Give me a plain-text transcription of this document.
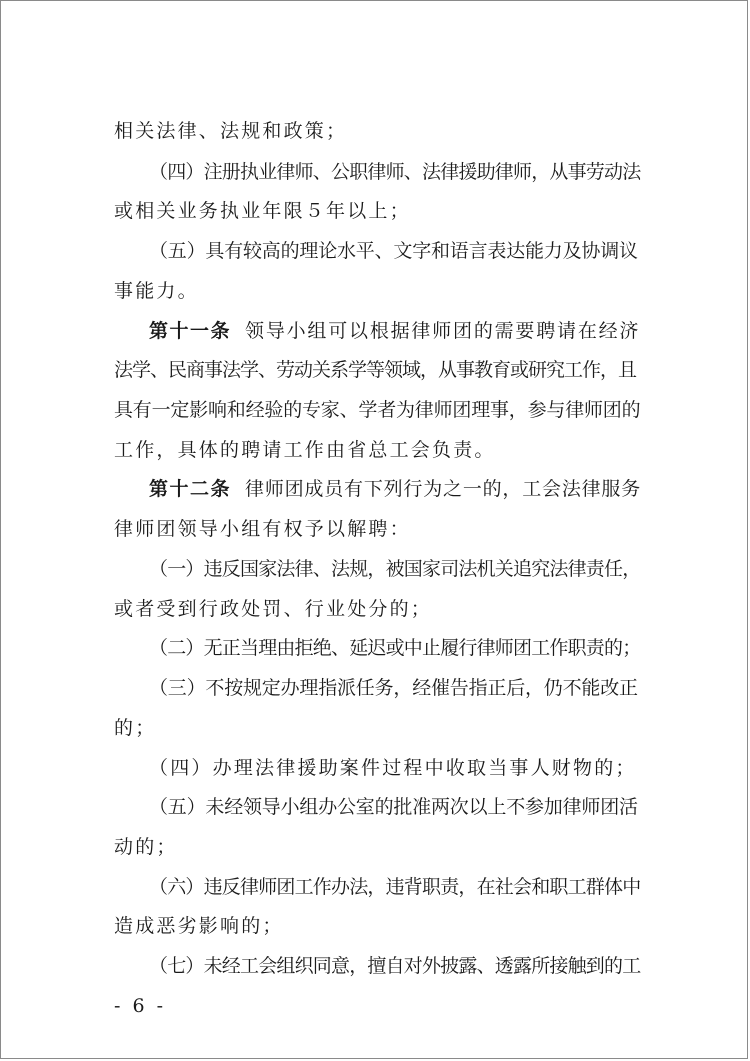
相关法律、法规和政策；
（四）注册执业律师、公职律师、法律援助律师，从事劳动法
或相关业务执业年限５年以上；
（五）具有较高的理论水平、文字和语言表达能力及协调议
事能力。
第十一条 领导小组可以根据律师团的需要聘请在经济
法学、民商事法学、劳动关系学等领域，从事教育或研究工作，且
具有一定影响和经验的专家、学者为律师团理事，参与律师团的
工作，具体的聘请工作由省总工会负责。
第十二条 律师团成员有下列行为之一的，工会法律服务
律师团领导小组有权予以解聘：
（一）违反国家法律、法规，被国家司法机关追究法律责任，
或者受到行政处罚、行业处分的；
（二）无正当理由拒绝、延迟或中止履行律师团工作职责的；
（三）不按规定办理指派任务，经催告指正后，仍不能改正
的；
（四）办理法律援助案件过程中收取当事人财物的；
（五）未经领导小组办公室的批准两次以上不参加律师团活
动的；
（六）违反律师团工作办法，违背职责，在社会和职工群体中
造成恶劣影响的；
（七）未经工会组织同意，擅自对外披露、透露所接触到的工
- 6 -
